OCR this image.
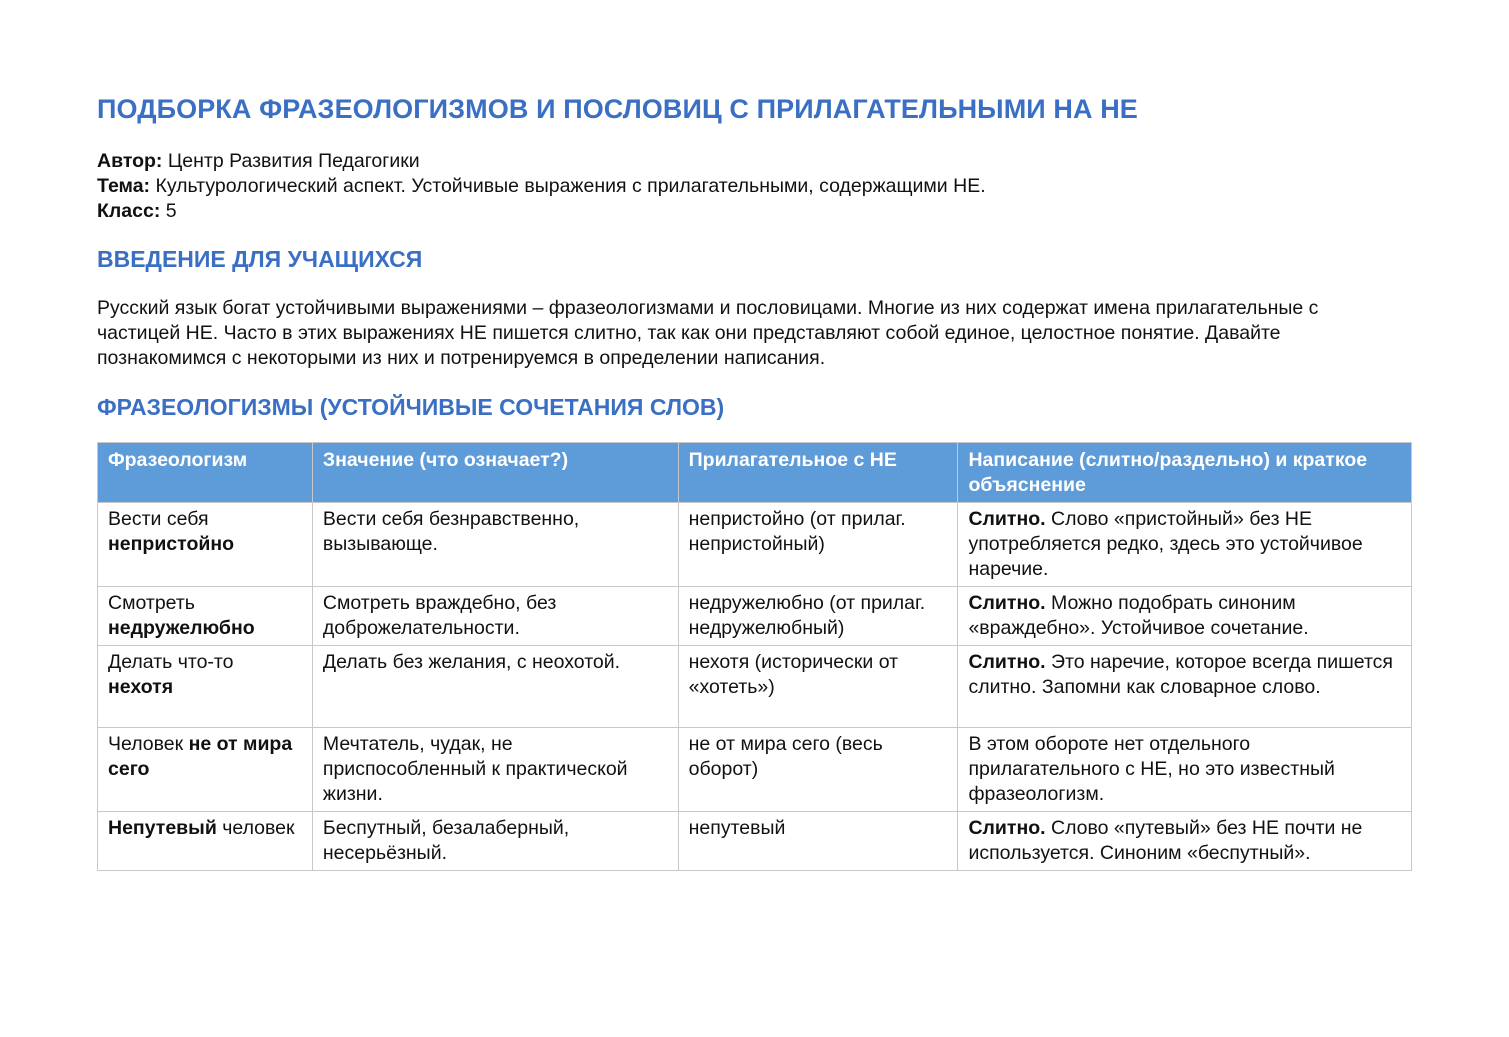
ПОДБОРКА ФРАЗЕОЛОГИЗМОВ И ПОСЛОВИЦ С ПРИЛАГАТЕЛЬНЫМИ НА НЕ
Автор: Центр Развития Педагогики
Тема: Культурологический аспект. Устойчивые выражения с прилагательными, содержащими НЕ.
Класс: 5
ВВЕДЕНИЕ ДЛЯ УЧАЩИХСЯ

Русский язык богат устойчивыми выражениями – фразеологизмами и пословицами. Многие из них содержат имена прилагательные с частицей НЕ. Часто в этих выражениях НЕ пишется слитно, так как они представляют собой единое, целостное понятие. Давайте познакомимся с некоторыми из них и потренируемся в определении написания.

ФРАЗЕОЛОГИЗМЫ (УСТОЙЧИВЫЕ СОЧЕТАНИЯ СЛОВ)
Фразеологизм	Значение (что означает?)	Прилагательное с НЕ	Написание (слитно/раздельно) и краткое объяснение
Вести себя непристойно	Вести себя безнравственно, вызывающе.	непристойно (от прилаг. непристойный)	Слитно. Слово «пристойный» без НЕ употребляется редко, здесь это устойчивое наречие.
Смотреть недружелюбно	Смотреть враждебно, без доброжелательности.	недружелюбно (от прилаг. недружелюбный)	Слитно. Можно подобрать синоним «враждебно». Устойчивое сочетание.
Делать что-то нехотя	Делать без желания, с неохотой.	нехотя (исторически от «хотеть»)	Слитно. Это наречие, которое всегда пишется слитно. Запомни как словарное слово.
Человек не от мира сего	Мечтатель, чудак, не приспособленный к практической жизни.	не от мира сего (весь оборот)	В этом обороте нет отдельного прилагательного с НЕ, но это известный фразеологизм.
Непутевый человек	Беспутный, безалаберный, несерьёзный.	непутевый	Слитно. Слово «путевый» без НЕ почти не используется. Синоним «беспутный».
